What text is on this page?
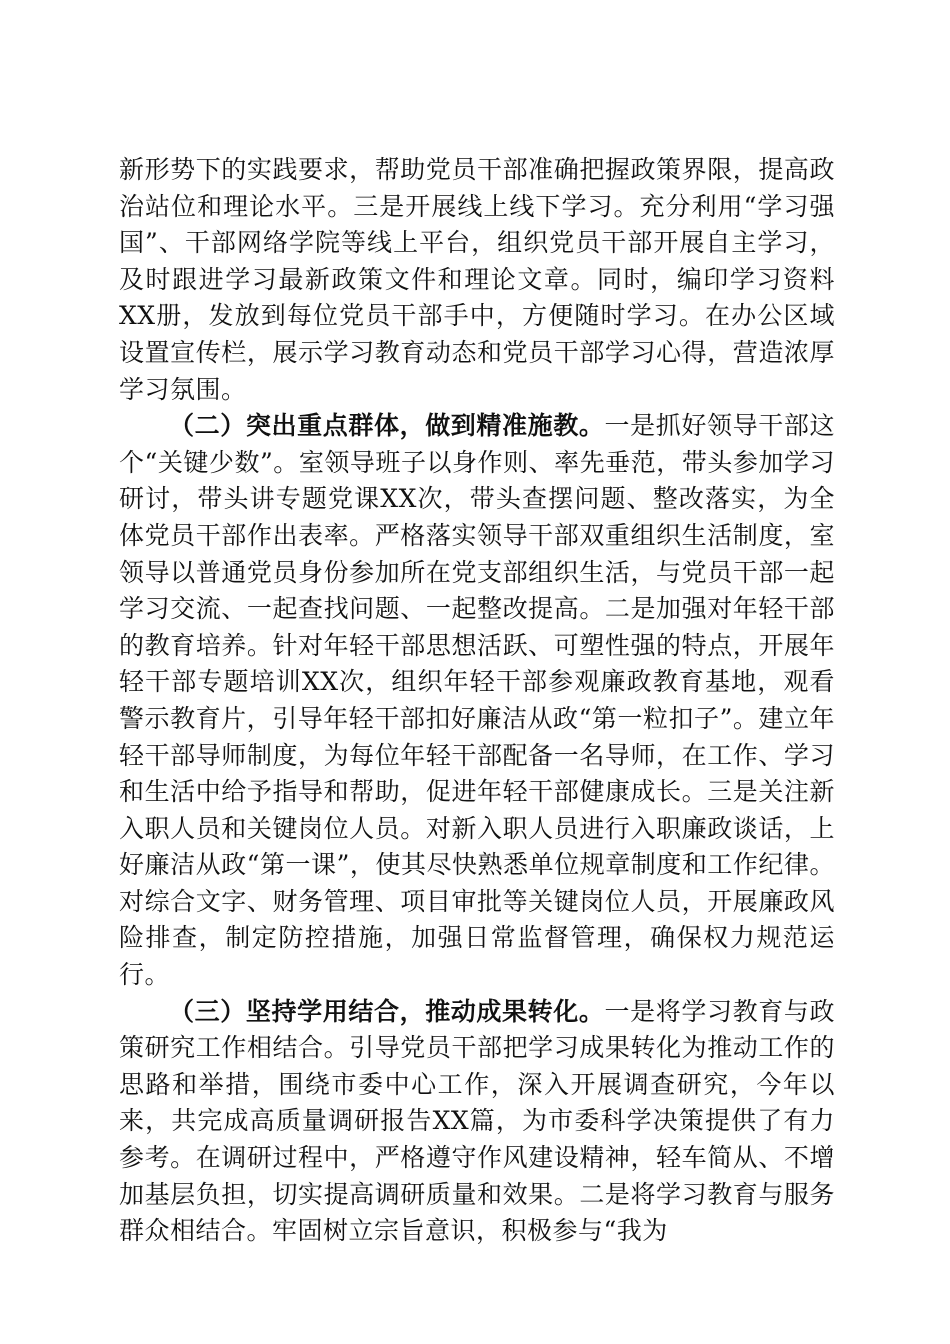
新形势下的实践要求，帮助党员干部准确把握政策界限，提高政治站位和理论水平。三是开展线上线下学习。充分利用“学习强国”、干部网络学院等线上平台，组织党员干部开展自主学习，及时跟进学习最新政策文件和理论文章。同时，编印学习资料XX册，发放到每位党员干部手中，方便随时学习。在办公区域设置宣传栏，展示学习教育动态和党员干部学习心得，营造浓厚学习氛围。

（二）突出重点群体，做到精准施教。一是抓好领导干部这个“关键少数”。室领导班子以身作则、率先垂范，带头参加学习研讨，带头讲专题党课XX次，带头查摆问题、整改落实，为全体党员干部作出表率。严格落实领导干部双重组织生活制度，室领导以普通党员身份参加所在党支部组织生活，与党员干部一起学习交流、一起查找问题、一起整改提高。二是加强对年轻干部的教育培养。针对年轻干部思想活跃、可塑性强的特点，开展年轻干部专题培训XX次，组织年轻干部参观廉政教育基地，观看警示教育片，引导年轻干部扣好廉洁从政“第一粒扣子”。建立年轻干部导师制度，为每位年轻干部配备一名导师，在工作、学习和生活中给予指导和帮助，促进年轻干部健康成长。三是关注新入职人员和关键岗位人员。对新入职人员进行入职廉政谈话，上好廉洁从政“第一课”，使其尽快熟悉单位规章制度和工作纪律。对综合文字、财务管理、项目审批等关键岗位人员，开展廉政风险排查，制定防控措施，加强日常监督管理，确保权力规范运行。

（三）坚持学用结合，推动成果转化。一是将学习教育与政策研究工作相结合。引导党员干部把学习成果转化为推动工作的思路和举措，围绕市委中心工作，深入开展调查研究，今年以来，共完成高质量调研报告XX篇，为市委科学决策提供了有力参考。在调研过程中，严格遵守作风建设精神，轻车简从、不增加基层负担，切实提高调研质量和效果。二是将学习教育与服务群众相结合。牢固树立宗旨意识，积极参与“我为
